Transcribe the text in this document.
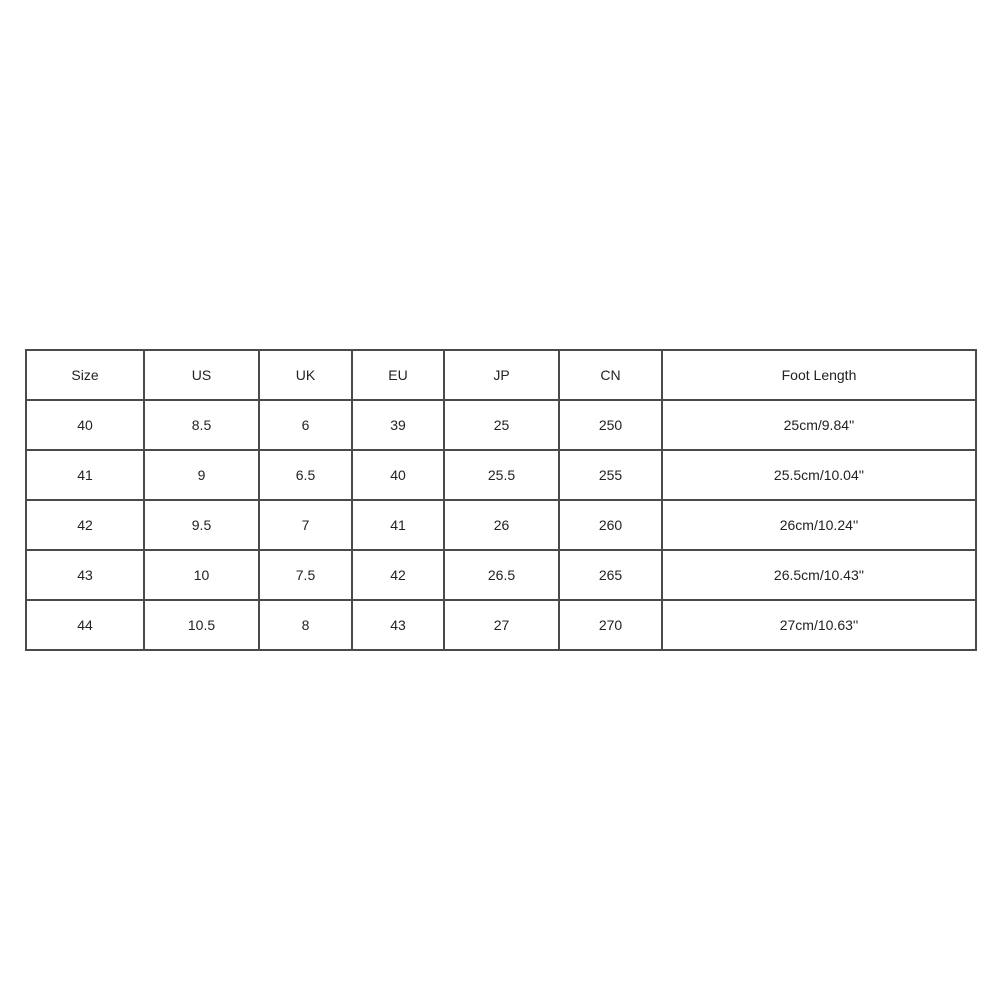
Size	US	UK	EU	JP	CN	Foot Length
40	8.5	6	39	25	250	25cm/9.84''
41	9	6.5	40	25.5	255	25.5cm/10.04''
42	9.5	7	41	26	260	26cm/10.24''
43	10	7.5	42	26.5	265	26.5cm/10.43''
44	10.5	8	43	27	270	27cm/10.63''
